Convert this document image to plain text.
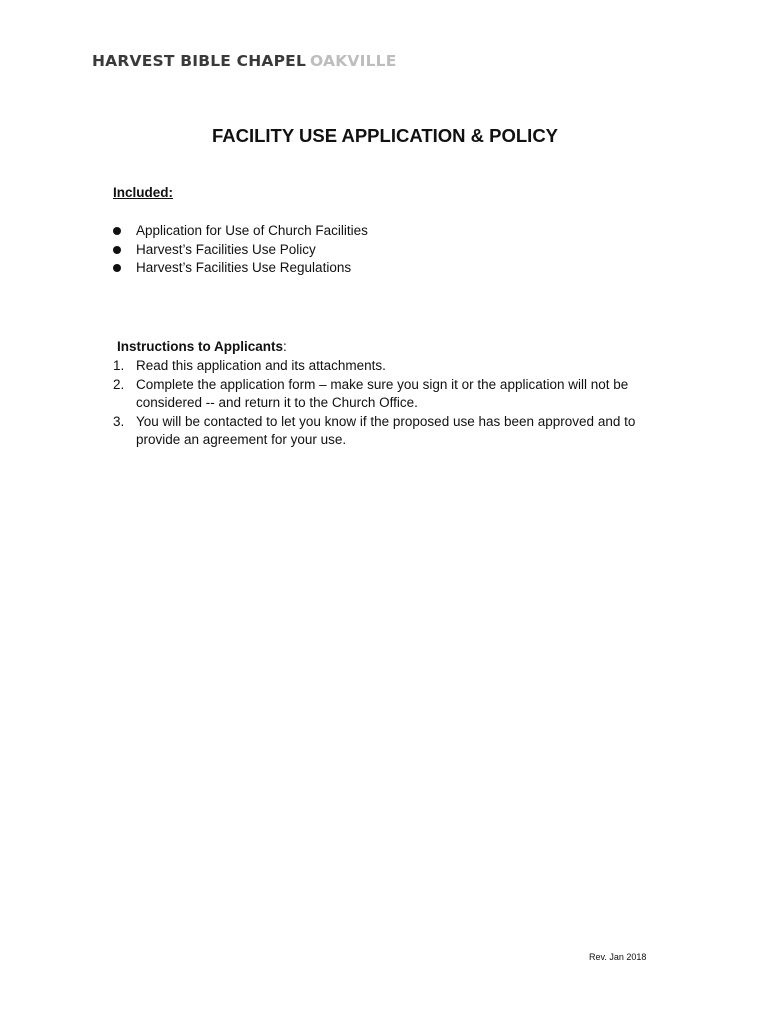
HARVEST BIBLE CHAPEL OAKVILLE
FACILITY USE APPLICATION & POLICY
Included:
Application for Use of Church Facilities
Harvest’s Facilities Use Policy
Harvest’s Facilities Use Regulations
Instructions to Applicants:
1. Read this application and its attachments.
2. Complete the application form – make sure you sign it or the application will not be considered -- and return it to the Church Office.
3. You will be contacted to let you know if the proposed use has been approved and to provide an agreement for your use.
Rev. Jan 2018
